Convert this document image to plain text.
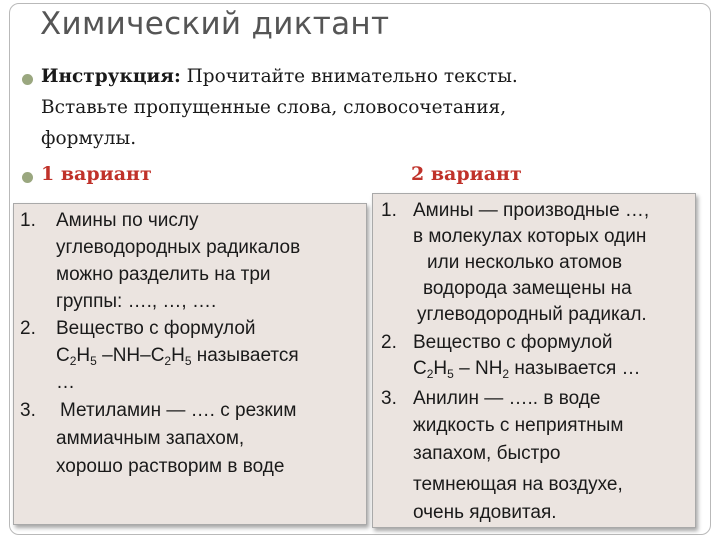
Химический диктант
Инструкция: Прочитайте внимательно тексты.
Вставьте пропущенные слова, словосочетания,
формулы.
1 вариант	2 вариант
1. Амины по числу
углеводородных радикалов
можно разделить на три
группы: …., …, ….
2. Вещество с формулой
$C_2H_5$ $-NH-C_2H_5$ называется
…
3. Метиламин — …. с резким
аммиачным запахом,
хорошо растворим в воде
1. Амины — производные …,
в молекулах которых один
или несколько атомов
водорода замещены на
углеводородный радикал.
2. Вещество с формулой
$C_2H_5 - NH_2$ называется …
3. Анилин — ….. в воде
жидкость с неприятным
запахом, быстро
темнеющая на воздухе,
очень ядовитая.
